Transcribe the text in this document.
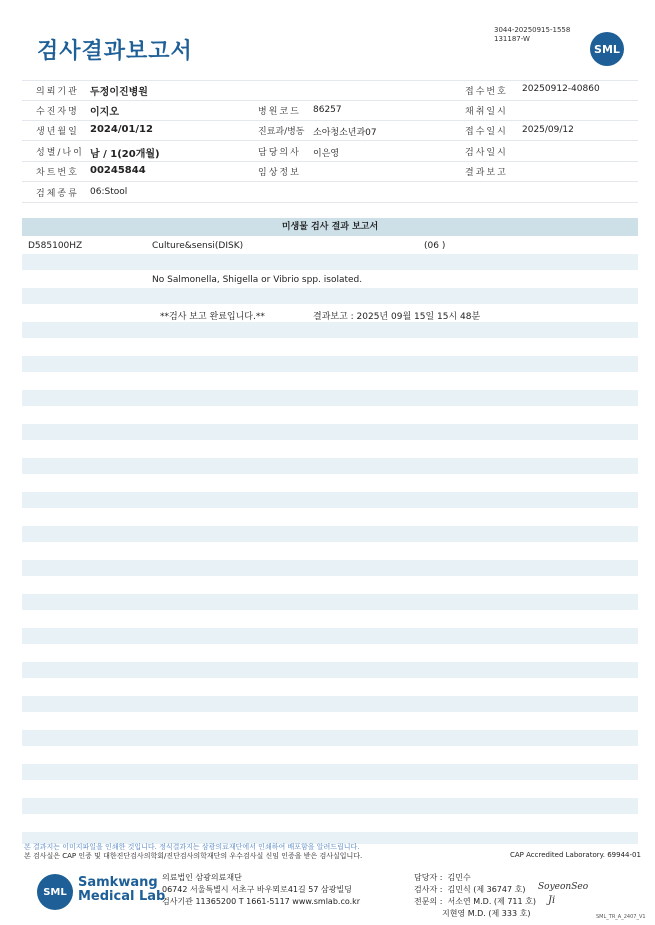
검사결과보고서
3044-20250915-1558
131187-W
SML
의뢰기관 두정이진병원	접수번호 20250912-40860
수진자명 이지오	병원코드 86257	채취일시
생년월일 2024/01/12	진료과/병동 소아청소년과07	접수일시 2025/09/12
성별/나이 남 / 1(20개월)	담당의사 이은영	검사일시
차트번호 00245844	임상정보	결과보고
검체종류 06:Stool
미생물 검사 결과 보고서
D585100HZ	Culture&sensi(DISK)	(06 )
No Salmonella, Shigella or Vibrio spp. isolated.
**검사 보고 완료입니다.**	결과보고 : 2025년 09월 15일 15시 48분
본 결과지는 이미지파일을 인쇄한 것입니다. 정식결과지는 삼광의료재단에서 인쇄하여 배포함을 알려드립니다.
본 검사실은 CAP 인증 및 대한진단검사의학회/진단검사의학재단의 우수검사실 신임 인증을 받은 검사실입니다.	CAP Accredited Laboratory. 69944-01
SML
Samkwang
Medical Lab
의료법인 삼광의료재단
06742 서울특별시 서초구 바우뫼로41길 57 삼광빌딩
검사기관 11365200 T 1661-5117 www.smlab.co.kr
담당자 :  김민수
검사자 :  김민식 (제 36747 호)
전문의 :  서소연 M.D. (제 711 호)
지현영 M.D. (제 333 호)
SoyeonSeo
Ji
SML_TR_A_2407_V1
